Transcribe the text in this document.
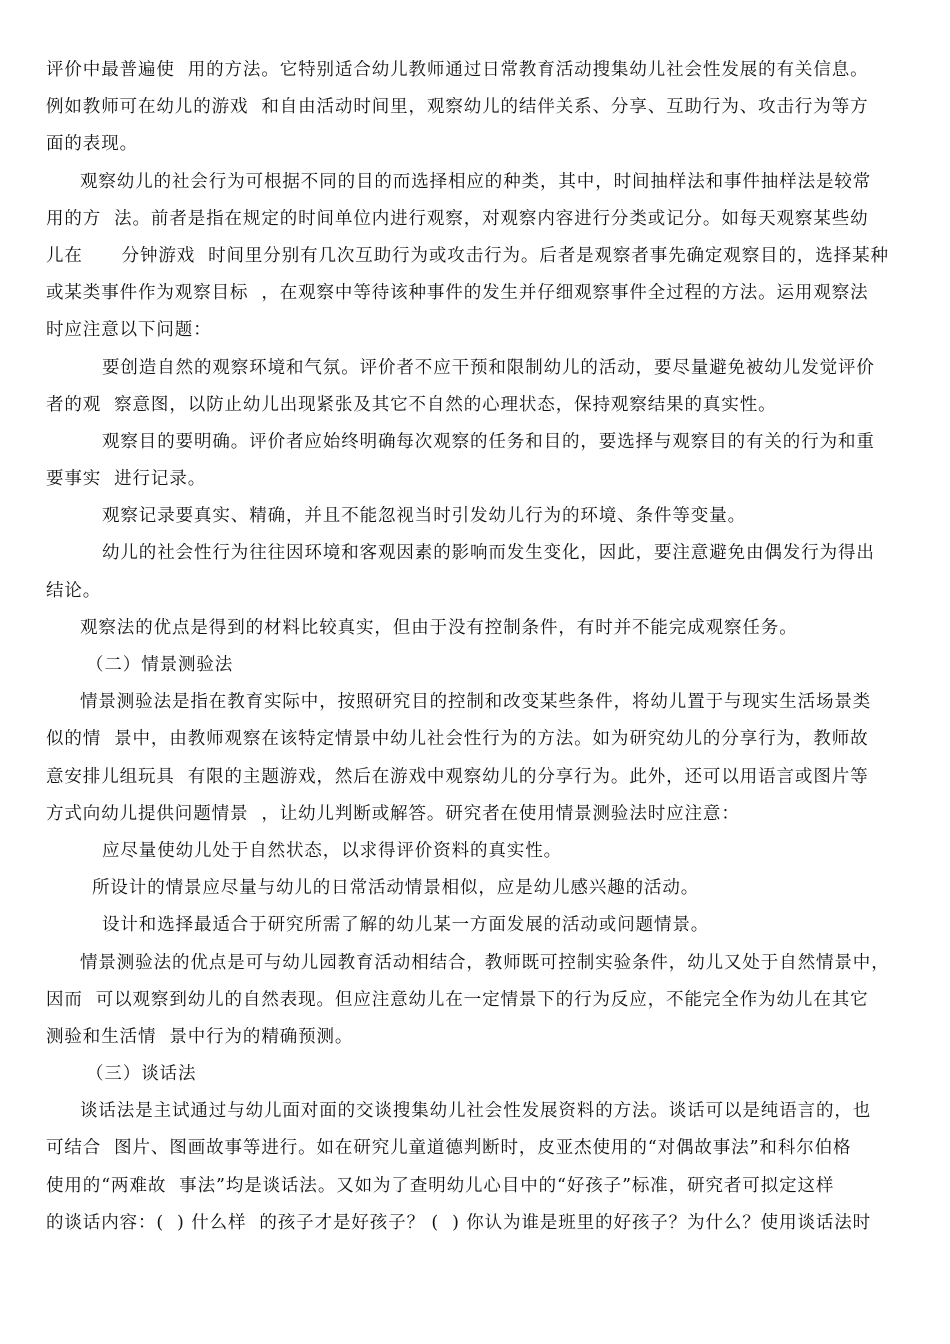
评价中最普遍使  用的方法。它特别适合幼儿教师通过日常教育活动搜集幼儿社会性发展的有关信息。
例如教师可在幼儿的游戏  和自由活动时间里，观察幼儿的结伴关系、分享、互助行为、攻击行为等方
面的表现。
观察幼儿的社会行为可根据不同的目的而选择相应的种类，其中，时间抽样法和事件抽样法是较常
用的方  法。前者是指在规定的时间单位内进行观察，对观察内容进行分类或记分。如每天观察某些幼
儿在      分钟游戏  时间里分别有几次互助行为或攻击行为。后者是观察者事先确定观察目的，选择某种
或某类事件作为观察目标  ，在观察中等待该种事件的发生并仔细观察事件全过程的方法。运用观察法
时应注意以下问题：
要创造自然的观察环境和气氛。评价者不应干预和限制幼儿的活动，要尽量避免被幼儿发觉评价
者的观  察意图，以防止幼儿出现紧张及其它不自然的心理状态，保持观察结果的真实性。
观察目的要明确。评价者应始终明确每次观察的任务和目的，要选择与观察目的有关的行为和重
要事实  进行记录。
观察记录要真实、精确，并且不能忽视当时引发幼儿行为的环境、条件等变量。
幼儿的社会性行为往往因环境和客观因素的影响而发生变化，因此，要注意避免由偶发行为得出
结论。
观察法的优点是得到的材料比较真实，但由于没有控制条件，有时并不能完成观察任务。
（二）情景测验法
情景测验法是指在教育实际中，按照研究目的控制和改变某些条件，将幼儿置于与现实生活场景类
似的情  景中，由教师观察在该特定情景中幼儿社会性行为的方法。如为研究幼儿的分享行为，教师故
意安排儿组玩具  有限的主题游戏，然后在游戏中观察幼儿的分享行为。此外，还可以用语言或图片等
方式向幼儿提供问题情景  ，让幼儿判断或解答。研究者在使用情景测验法时应注意：
应尽量使幼儿处于自然状态，以求得评价资料的真实性。
所设计的情景应尽量与幼儿的日常活动情景相似，应是幼儿感兴趣的活动。
设计和选择最适合于研究所需了解的幼儿某一方面发展的活动或问题情景。
情景测验法的优点是可与幼儿园教育活动相结合，教师既可控制实验条件，幼儿又处于自然情景中，
因而  可以观察到幼儿的自然表现。但应注意幼儿在一定情景下的行为反应，不能完全作为幼儿在其它
测验和生活情  景中行为的精确预测。
（三）谈话法
谈话法是主试通过与幼儿面对面的交谈搜集幼儿社会性发展资料的方法。谈话可以是纯语言的，也
可结合  图片、图画故事等进行。如在研究儿童道德判断时，皮亚杰使用的“对偶故事法”和科尔伯格
使用的“两难故  事法”均是谈话法。又如为了查明幼儿心目中的“好孩子”标准，研究者可拟定这样
的谈话内容：(  ) 什么样  的孩子才是好孩子？ (  ) 你认为谁是班里的好孩子？为什么？使用谈话法时
